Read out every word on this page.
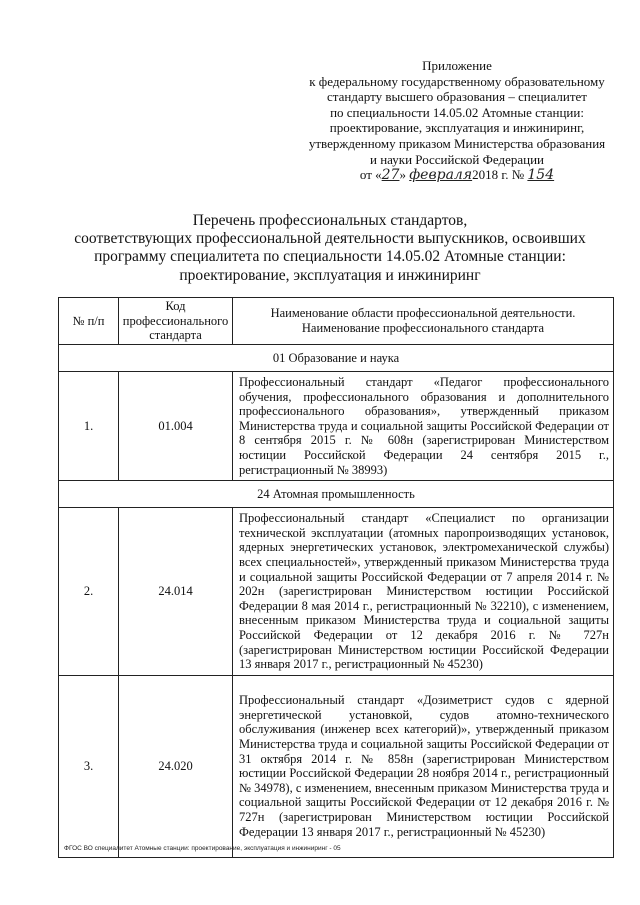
Приложение
к федеральному государственному образовательному
стандарту высшего образования – специалитет
по специальности 14.05.02 Атомные станции:
проектирование, эксплуатация и инжиниринг,
утвержденному приказом Министерства образования
и науки Российской Федерации
от «27» февраля2018 г. № 154
Перечень профессиональных стандартов,
соответствующих профессиональной деятельности выпускников, освоивших
программу специалитета по специальности 14.05.02 Атомные станции:
проектирование, эксплуатация и инжиниринг
№ п/п	Код профессионального стандарта	Наименование области профессиональной деятельности. Наименование профессионального стандарта
01 Образование и наука		
1.	01.004	Профессиональный стандарт «Педагог профессионального обучения, профессионального образования и дополнительного профессионального образования», утвержденный приказом Министерства труда и социальной защиты Российской Федерации от 8 сентября 2015 г. № 608н (зарегистрирован Министерством юстиции Российской Федерации 24 сентября 2015 г., регистрационный № 38993)
24 Атомная промышленность		
2.	24.014	Профессиональный стандарт «Специалист по организации технической эксплуатации (атомных паропроизводящих установок, ядерных энергетических установок, электромеханической службы) всех специальностей», утвержденный приказом Министерства труда и социальной защиты Российской Федерации от 7 апреля 2014 г. № 202н (зарегистрирован Министерством юстиции Российской Федерации 8 мая 2014 г., регистрационный № 32210), с изменением, внесенным приказом Министерства труда и социальной защиты Российской Федерации от 12 декабря 2016 г. № 727н (зарегистрирован Министерством юстиции Российской Федерации 13 января 2017 г., регистрационный № 45230)
3.	24.020	Профессиональный стандарт «Дозиметрист судов с ядерной энергетической установкой, судов атомно-технического обслуживания (инженер всех категорий)», утвержденный приказом Министерства труда и социальной защиты Российской Федерации от 31 октября 2014 г. № 858н (зарегистрирован Министерством юстиции Российской Федерации 28 ноября 2014 г., регистрационный № 34978), с изменением, внесенным приказом Министерства труда и социальной защиты Российской Федерации от 12 декабря 2016 г. № 727н (зарегистрирован Министерством юстиции Российской Федерации 13 января 2017 г., регистрационный № 45230)
ФГОС ВО специалитет Атомные станции: проектирование, эксплуатация и инжиниринг - 05
